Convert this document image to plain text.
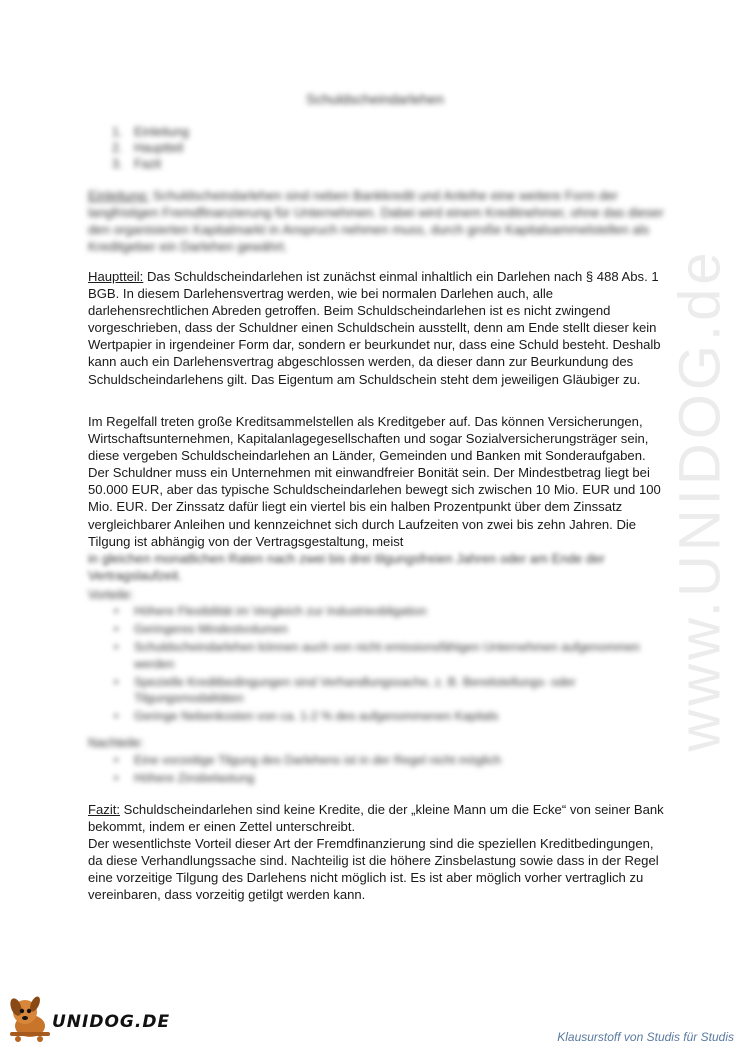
www.UNIDOG.de
Schuldscheindarlehen
1. Einleitung
2. Hauptteil
3. Fazit

Einleitung: Schuldscheindarlehen sind neben Bankkredit und Anleihe eine weitere Form der langfristigen Fremdfinanzierung für Unternehmen. Dabei wird einem Kreditnehmer, ohne das dieser den organisierten Kapitalmarkt in Anspruch nehmen muss, durch große Kapitalsammelstellen als Kreditgeber ein Darlehen gewährt.

Hauptteil: Das Schuldscheindarlehen ist zunächst einmal inhaltlich ein Darlehen nach § 488 Abs. 1 BGB. In diesem Darlehensvertrag werden, wie bei normalen Darlehen auch, alle darlehensrechtlichen Abreden getroffen. Beim Schuldscheindarlehen ist es nicht zwingend vorgeschrieben, dass der Schuldner einen Schuldschein ausstellt, denn am Ende stellt dieser kein Wertpapier in irgendeiner Form dar, sondern er beurkundet nur, dass eine Schuld besteht. Deshalb kann auch ein Darlehensvertrag abgeschlossen werden, da dieser dann zur Beurkundung des Schuldscheindarlehens gilt. Das Eigentum am Schuldschein steht dem jeweiligen Gläubiger zu.

Im Regelfall treten große Kreditsammelstellen als Kreditgeber auf. Das können Versicherungen, Wirtschaftsunternehmen, Kapitalanlagegesellschaften und sogar Sozialversicherungsträger sein, diese vergeben Schuldscheindarlehen an Länder, Gemeinden und Banken mit Sonderaufgaben. Der Schuldner muss ein Unternehmen mit einwandfreier Bonität sein. Der Mindestbetrag liegt bei 50.000 EUR, aber das typische Schuldscheindarlehen bewegt sich zwischen 10 Mio. EUR und 100 Mio. EUR. Der Zinssatz dafür liegt ein viertel bis ein halben Prozentpunkt über dem Zinssatz vergleichbarer Anleihen und kennzeichnet sich durch Laufzeiten von zwei bis zehn Jahren. Die Tilgung ist abhängig von der Vertragsgestaltung, meist
in gleichen monatlichen Raten nach zwei bis drei tilgungsfreien Jahren oder am Ende der Vertragslaufzeit.

Vorteile:
• Höhere Flexibilität im Vergleich zur Industrieobligation
• Geringeres Mindestvolumen
• Schuldscheindarlehen können auch von nicht emissionsfähigen Unternehmen aufgenommen werden
• Spezielle Kreditbedingungen sind Verhandlungssache, z. B. Bereitstellungs- oder Tilgungsmodalitäten
• Geringe Nebenkosten von ca. 1-2 % des aufgenommenen Kapitals
Nachteile:
• Eine vorzeitige Tilgung des Darlehens ist in der Regel nicht möglich
• Höhere Zinsbelastung

Fazit: Schuldscheindarlehen sind keine Kredite, die der „kleine Mann um die Ecke“ von seiner Bank bekommt, indem er einen Zettel unterschreibt.
Der wesentlichste Vorteil dieser Art der Fremdfinanzierung sind die speziellen Kreditbedingungen, da diese Verhandlungssache sind. Nachteilig ist die höhere Zinsbelastung sowie dass in der Regel eine vorzeitige Tilgung des Darlehens nicht möglich ist. Es ist aber möglich vorher vertraglich zu vereinbaren, dass vorzeitig getilgt werden kann.

UNIDOG.DE
Klausurstoff von Studis für Studis
